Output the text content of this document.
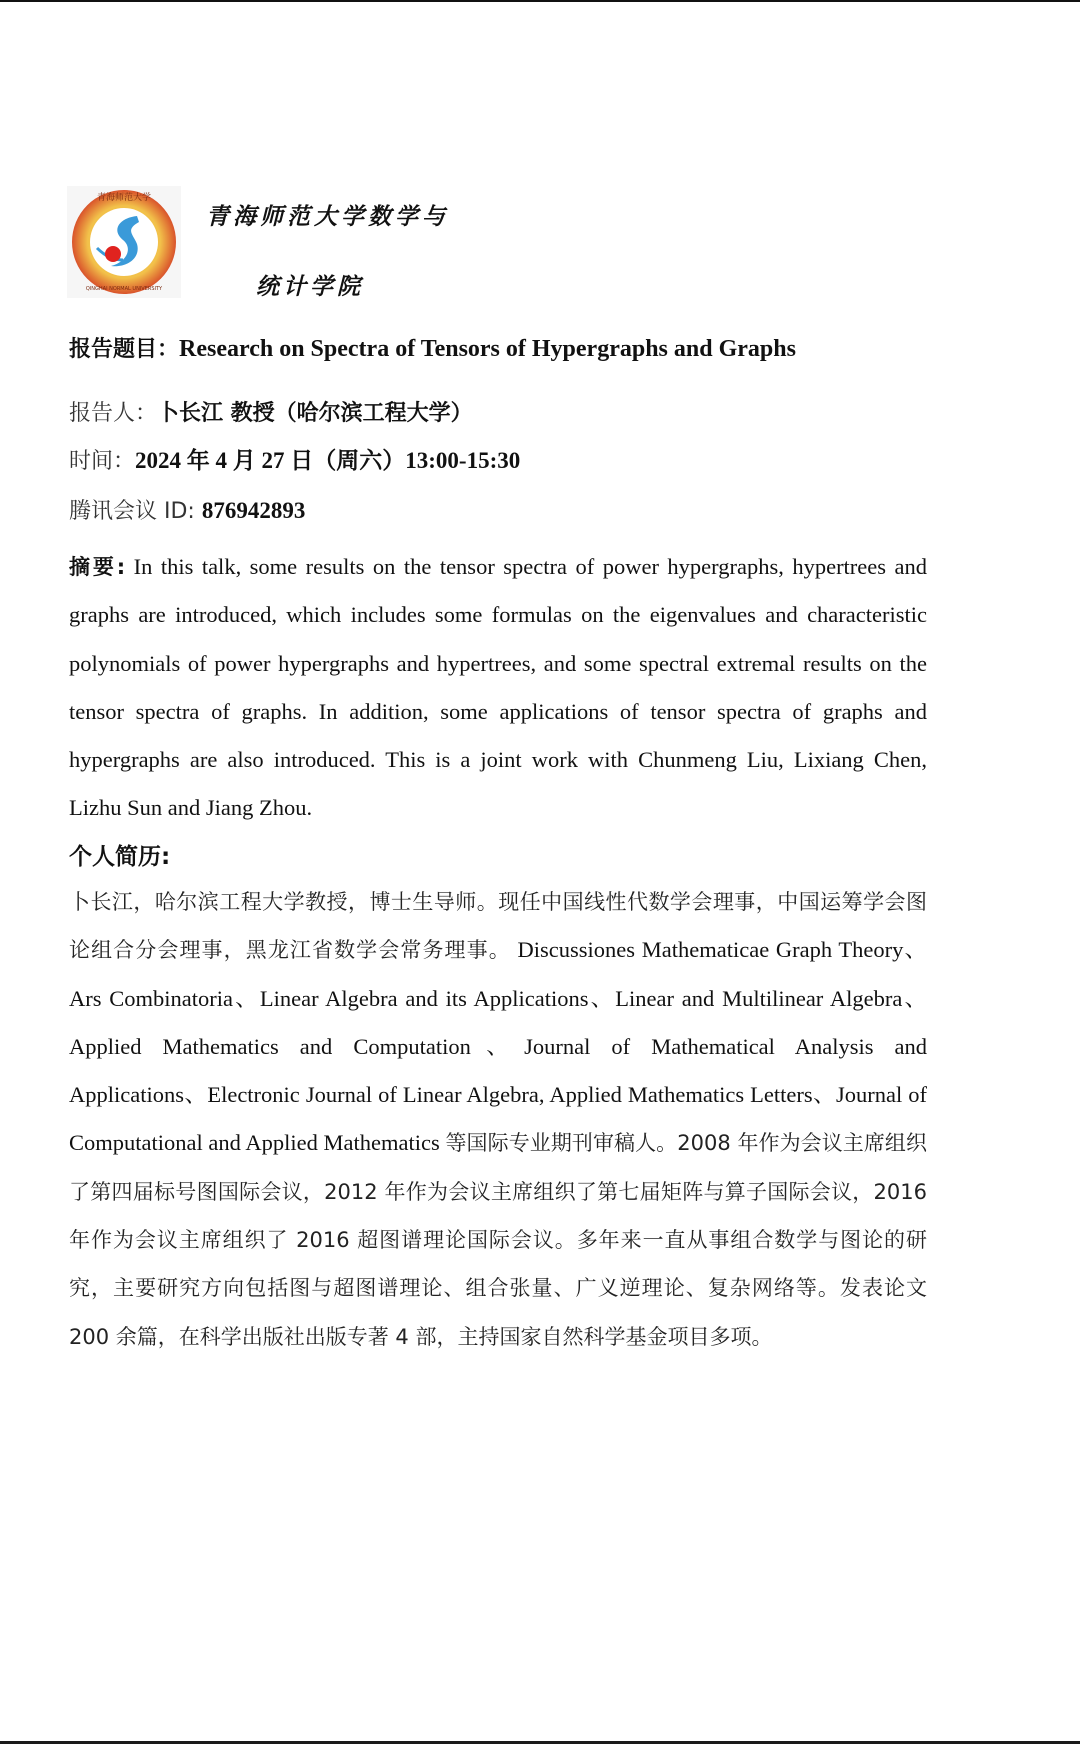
青海师范大学
QINGHAI NORMAL UNIVERSITY
青海师范大学数学与
统计学院
报告题目：Research on Spectra of Tensors of Hypergraphs and Graphs
报告人：卜长江 教授（哈尔滨工程大学）
时间：2024 年 4 月 27 日（周六）13:00-15:30
腾讯会议 ID: 876942893
摘要: In this talk, some results on the tensor spectra of power hypergraphs, hypertrees and graphs are introduced, which includes some formulas on the eigenvalues and characteristic polynomials of power hypergraphs and hypertrees, and some spectral extremal results on the tensor spectra of graphs. In addition, some applications of tensor spectra of graphs and hypergraphs are also introduced. This is a joint work with Chunmeng Liu, Lixiang Chen, Lizhu Sun and Jiang Zhou.
个人简历:
卜长江，哈尔滨工程大学教授，博士生导师。现任中国线性代数学会理事，中国运筹学会图论组合分会理事，黑龙江省数学会常务理事。 Discussiones Mathematicae Graph Theory、Ars Combinatoria、Linear Algebra and its Applications、Linear and Multilinear Algebra、Applied Mathematics and Computation、Journal of Mathematical Analysis and Applications、Electronic Journal of Linear Algebra, Applied Mathematics Letters、Journal of Computational and Applied Mathematics 等国际专业期刊审稿人。2008 年作为会议主席组织了第四届标号图国际会议，2012 年作为会议主席组织了第七届矩阵与算子国际会议，2016 年作为会议主席组织了 2016 超图谱理论国际会议。多年来一直从事组合数学与图论的研究，主要研究方向包括图与超图谱理论、组合张量、广义逆理论、复杂网络等。发表论文 200 余篇，在科学出版社出版专著 4 部，主持国家自然科学基金项目多项。
